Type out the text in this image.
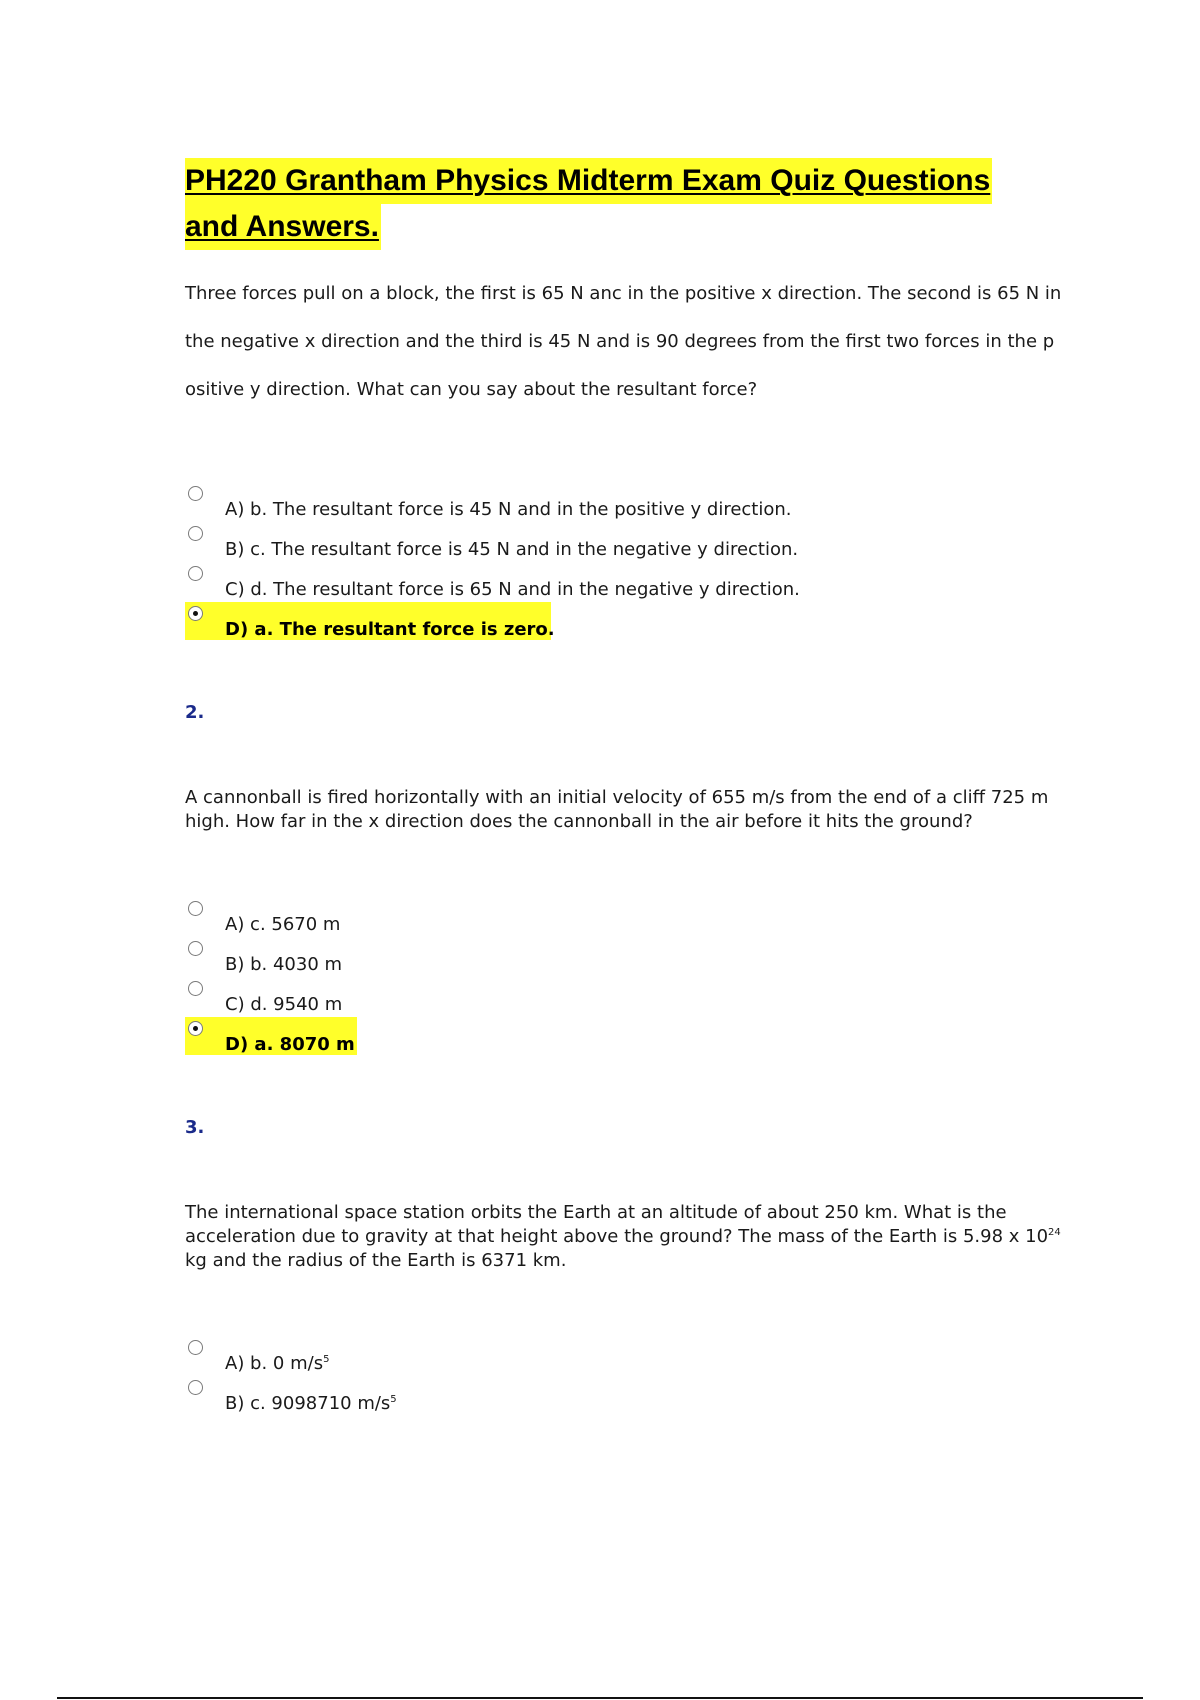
PH220 Grantham Physics Midterm Exam Quiz Questions
and Answers.
Three forces pull on a block, the first is 65 N anc in the positive x direction. The second is 65 N in the negative x direction and the third is 45 N and is 90 degrees from the first two forces in the positive y direction. What can you say about the resultant force?
A) b. The resultant force is 45 N and in the positive y direction.
B) c. The resultant force is 45 N and in the negative y direction.
C) d. The resultant force is 65 N and in the negative y direction.
D) a. The resultant force is zero.
2.
A cannonball is fired horizontally with an initial velocity of 655 m/s from the end of a cliff 725 m high. How far in the x direction does the cannonball in the air before it hits the ground?
A) c. 5670 m
B) b. 4030 m
C) d. 9540 m
D) a. 8070 m
3.
The international space station orbits the Earth at an altitude of about 250 km. What is the acceleration due to gravity at that height above the ground? The mass of the Earth is 5.98 x $10^{24}$ kg and the radius of the Earth is 6371 km.
A) b. 0 $m/s^5$
B) c. 9098710 $m/s^5$
